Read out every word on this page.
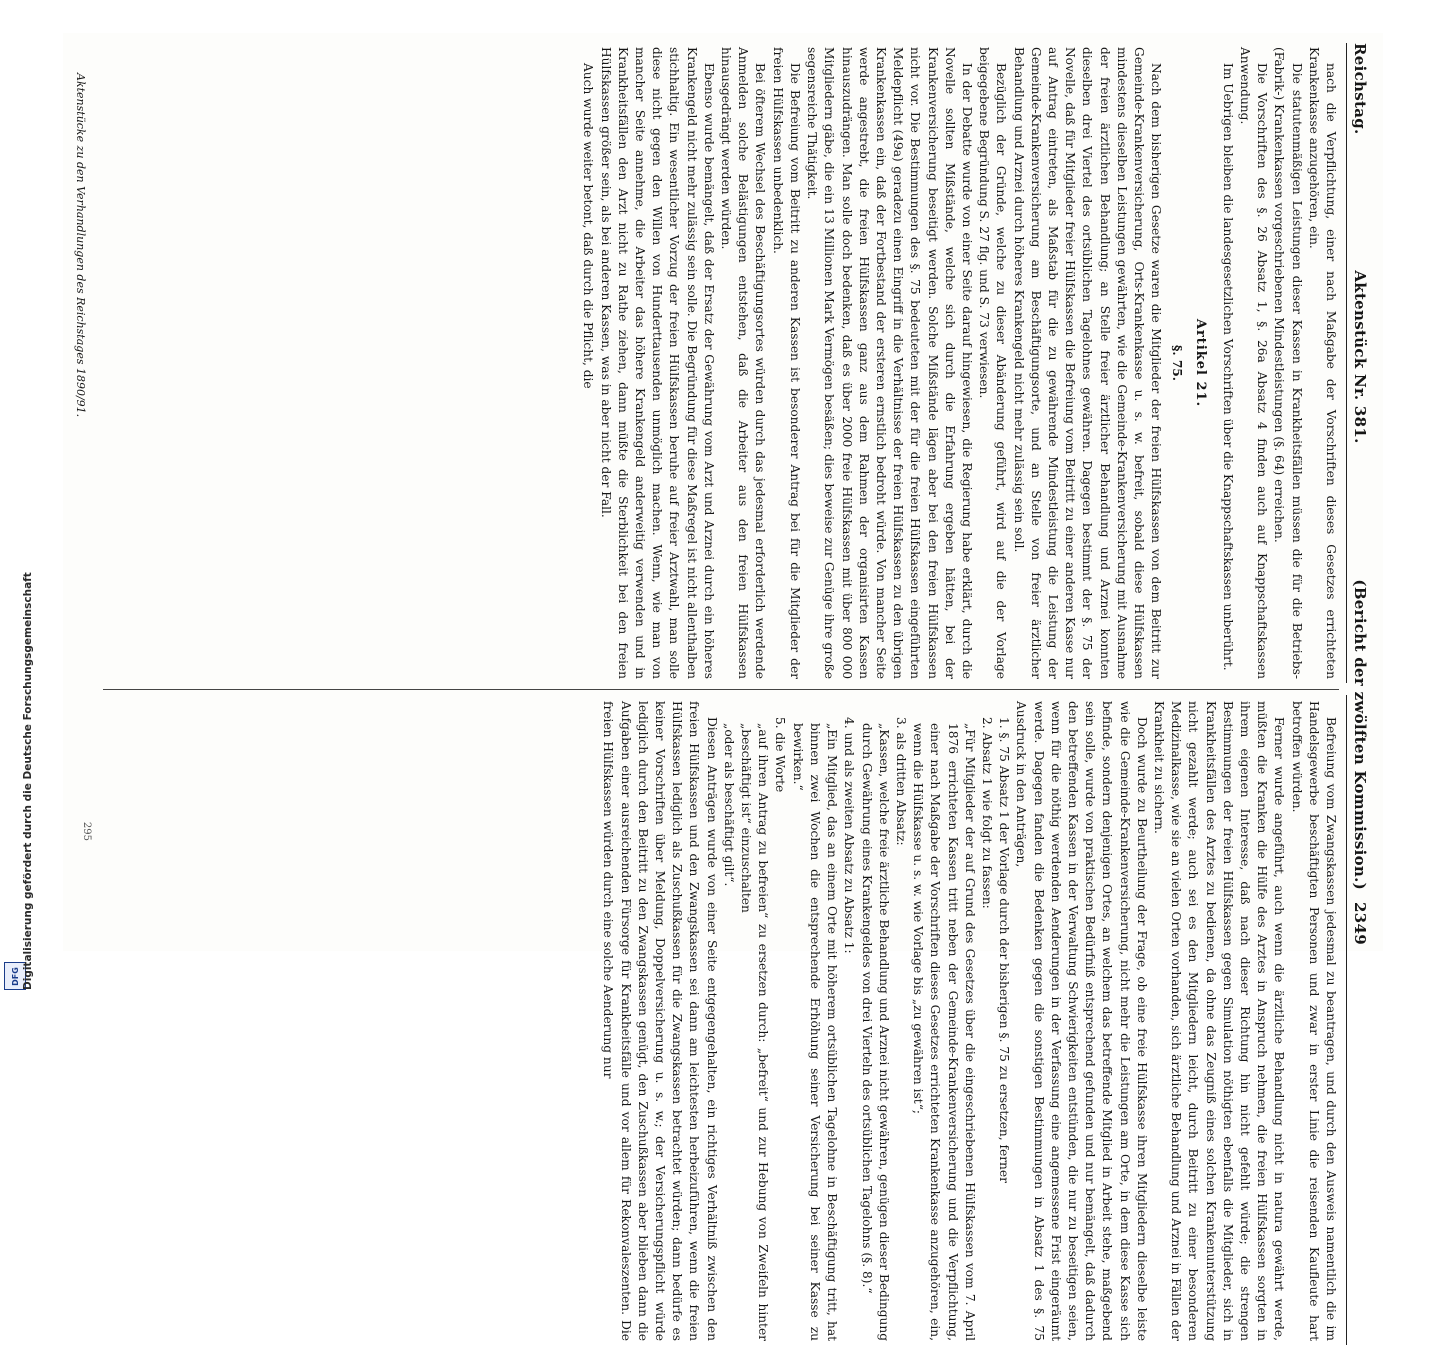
DFG Digitalisierung gefördert durch die Deutsche Forschungsgemeinschaft
Reichstag.
Aktenstück Nr. 381.
(Bericht der zwölften Kommission.)
2349

nach die Verpflichtung, einer nach Maßgabe der Vorschriften dieses Gesetzes errichteten Krankenkasse anzugehören, ein.

Die statutenmäßigen Leistungen dieser Kassen in Krankheitsfällen müssen die für die Betriebs-(Fabrik-) Krankenkassen vorgeschriebenen Mindestleistungen (§. 64) erreichen.

Die Vorschriften des §. 26 Absatz 1, §. 26a Absatz 4 finden auch auf Knappschaftskassen Anwendung.

Im Uebrigen bleiben die landesgesetzlichen Vorschriften über die Knappschaftskassen unberührt.

Artikel 21.

§. 75.

Nach dem bisherigen Gesetze waren die Mitglieder der freien Hülfskassen von dem Beitritt zur Gemeinde-Krankenversicherung, Orts-Krankenkasse u. s. w. befreit, sobald diese Hülfskassen mindestens dieselben Leistungen gewährten, wie die Gemeinde-Krankenversicherung mit Ausnahme der freien ärztlichen Behandlung; an Stelle freier ärztlicher Behandlung und Arznei konnten dieselben drei Viertel des ortsüblichen Tagelohnes gewähren. Dagegen bestimmt der §. 75 der Novelle, daß für Mitglieder freier Hülfskassen die Befreiung vom Beitritt zu einer anderen Kasse nur auf Antrag eintreten, als Maßstab für die zu gewährende Mindestleistung die Leistung der Gemeinde-Krankenversicherung am Beschäftigungsorte, und an Stelle von freier ärztlicher Behandlung und Arznei durch höheres Krankengeld nicht mehr zulässig sein soll.

Bezüglich der Gründe, welche zu dieser Abänderung geführt, wird auf die der Vorlage beigegebene Begründung S. 27 flg. und S. 73 verwiesen.

In der Debatte wurde von einer Seite darauf hingewiesen, die Regierung habe erklärt, durch die Novelle sollten Mißstände, welche sich durch die Erfahrung ergeben hätten, bei der Krankenversicherung beseitigt werden. Solche Mißstände lägen aber bei den freien Hülfskassen nicht vor. Die Bestimmungen des §. 75 bedeuteten mit der für die freien Hülfskassen eingeführten Meldepflicht (49a) geradezu einen Eingriff in die Verhältnisse der freien Hülfskassen zu den übrigen Krankenkassen ein, daß der Fortbestand der ersteren ernstlich bedroht würde. Von mancher Seite werde angestrebt, die freien Hülfskassen ganz aus dem Rahmen der organisirten Kassen hinauszudrängen. Man solle doch bedenken, daß es über 2000 freie Hülfskassen mit über 800 000 Mitgliedern gäbe, die ein 13 Millionen Mark Vermögen besäßen; dies beweise zur Genüge ihre große segensreiche Thätigkeit.

Die Befreiung vom Beitritt zu anderen Kassen ist besonderer Antrag bei für die Mitglieder der freien Hülfskassen unbedenklich.

Bei öfterem Wechsel des Beschäftigungsortes würden durch das jedesmal erforderlich werdende Anmelden solche Belästigungen entstehen, daß die Arbeiter aus den freien Hülfskassen hinausgedrängt werden würden.

Ebenso wurde bemängelt, daß der Ersatz der Gewährung vom Arzt und Arznei durch ein höheres Krankengeld nicht mehr zulässig sein solle. Die Begründung für diese Maßregel ist nicht allenthalben stichhaltig. Ein wesentlicher Vorzug der freien Hülfskassen beruhe auf freier Arztwahl, man solle diese nicht gegen den Willen von Hunderttausenden unmöglich machen. Wenn, wie man von mancher Seite annehme, die Arbeiter das höhere Krankengeld anderweitig verwenden und in Krankheitsfällen den Arzt nicht zu Rathe ziehen, dann müßte die Sterblichkeit bei den freien Hülfskassen größer sein, als bei anderen Kassen, was in aber nicht der Fall.

Auch wurde weiter betont, daß durch die Pflicht, die

Befreiung vom Zwangskassen jedesmal zu beantragen, und durch den Ausweis namentlich die im Handelsgewerbe beschäftigten Personen und zwar in erster Linie die reisenden Kaufleute hart betroffen würden.

Ferner wurde angeführt, auch wenn die ärztliche Behandlung nicht in natura gewährt werde, müßten die Kranken die Hülfe des Arztes in Anspruch nehmen, die freien Hülfskassen sorgten in ihrem eigenen Interesse, daß nach dieser Richtung hin nicht gefehlt würde; die strengen Bestimmungen der freien Hülfskassen gegen Simulation nöthigten ebenfalls die Mitglieder, sich in Krankheitsfällen des Arztes zu bedienen, da ohne das Zeugniß eines solchen Krankenunterstützung nicht gezahlt werde; auch sei es den Mitgliedern leicht, durch Beitritt zu einer besonderen Medizinalkasse, wie sie an vielen Orten vorhanden, sich ärztliche Behandlung und Arznei in Fällen der Krankheit zu sichern.

Doch wurde zu Beurtheilung der Frage, ob eine freie Hülfskasse ihren Mitgliedern dieselbe leiste wie die Gemeinde-Krankenversicherung, nicht mehr die Leistungen am Orte, in dem diese Kasse sich befinde, sondern denjenigen Ortes, an welchem das betreffende Mitglied in Arbeit stehe, maßgebend sein solle, wurde von praktischen Bedürfniß entsprechend gefunden und nur bemängelt, daß dadurch den betreffenden Kassen in der Verwaltung Schwierigkeiten entstünden, die nur zu beseitigen seien, wenn für die nöthig werdenden Aenderungen in der Verfassung eine angemessene Frist eingeräumt werde. Dagegen fanden die Bedenken gegen die sonstigen Bestimmungen in Absatz 1 des §. 75 Ausdruck in den Anträgen,

1. §. 75 Absatz 1 der Vorlage durch der bisherigen §. 75 zu ersetzen, ferner

2. Absatz 1 wie folgt zu fassen:

„Für Mitglieder der auf Grund des Gesetzes über die eingeschriebenen Hülfskassen vom 7. April 1876 errichteten Kassen tritt neben der Gemeinde-Krankenversicherung und die Verpflichtung, einer nach Maßgabe der Vorschriften dieses Gesetzes errichteten Krankenkasse anzugehören, ein, wenn die Hülfskasse u. s. w. wie Vorlage bis „zu gewähren ist“;

3. als dritten Absatz:

„Kassen, welche freie ärztliche Behandlung und Arznei nicht gewähren, genügen dieser Bedingung durch Gewährung eines Krankengeldes von drei Vierteln des ortsüblichen Tagelohns (§. 8).“

4. und als zweiten Absatz zu Absatz 1:

„Ein Mitglied, das an einem Orte mit höherem ortsüblichen Tagelohne in Beschäftigung tritt, hat binnen zwei Wochen die entsprechende Erhöhung seiner Versicherung bei seiner Kasse zu bewirken.“

5. die Worte

„auf ihren Antrag zu befreien“ zu ersetzen durch: „befreit“ und zur Hebung von Zweifeln hinter „beschäftigt ist“ einzuschalten

„oder als beschäftigt gilt“.

Diesen Anträgen wurde von einer Seite entgegengehalten, ein richtiges Verhältniß zwischen den freien Hülfskassen und den Zwangskassen sei dann am leichtesten herbeizuführen, wenn die freien Hülfskassen lediglich als Zuschußkassen für die Zwangskassen betrachtet würden; dann bedürfe es keiner Vorschriften über Meldung, Doppelversicherung u. s. w.; der Versicherungspflicht würde lediglich durch den Beitritt zu den Zwangskassen genügt, den Zuschußkassen aber blieben dann die Aufgaben einer ausreichenden Fürsorge für Krankheitsfälle und vor allem für Rekonvaleszenten. Die freien Hülfskassen würden durch eine solche Aenderung nur

Aktenstücke zu den Verhandlungen des Reichstages 1890/91.
295
